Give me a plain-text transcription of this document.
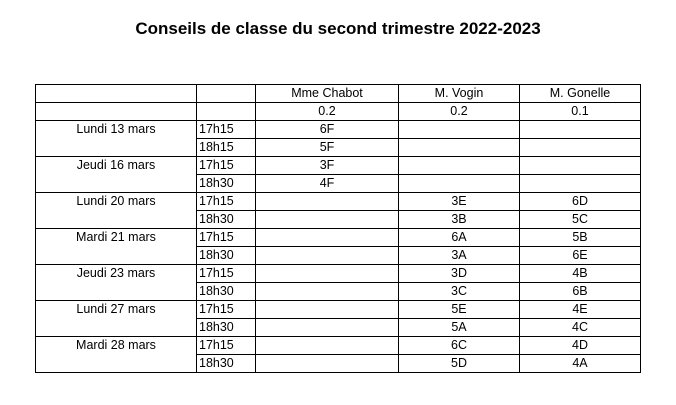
Conseils de classe du second trimestre 2022-2023
		Mme Chabot	M. Vogin	M. Gonelle
		0.2	0.2	0.1
Lundi 13 mars	17h15	6F		
	18h15	5F		
Jeudi 16 mars	17h15	3F		
	18h30	4F		
Lundi 20 mars	17h15		3E	6D
	18h30		3B	5C
Mardi 21 mars	17h15		6A	5B
	18h30		3A	6E
Jeudi 23 mars	17h15		3D	4B
	18h30		3C	6B
Lundi 27 mars	17h15		5E	4E
	18h30		5A	4C
Mardi 28 mars	17h15		6C	4D
	18h30		5D	4A
